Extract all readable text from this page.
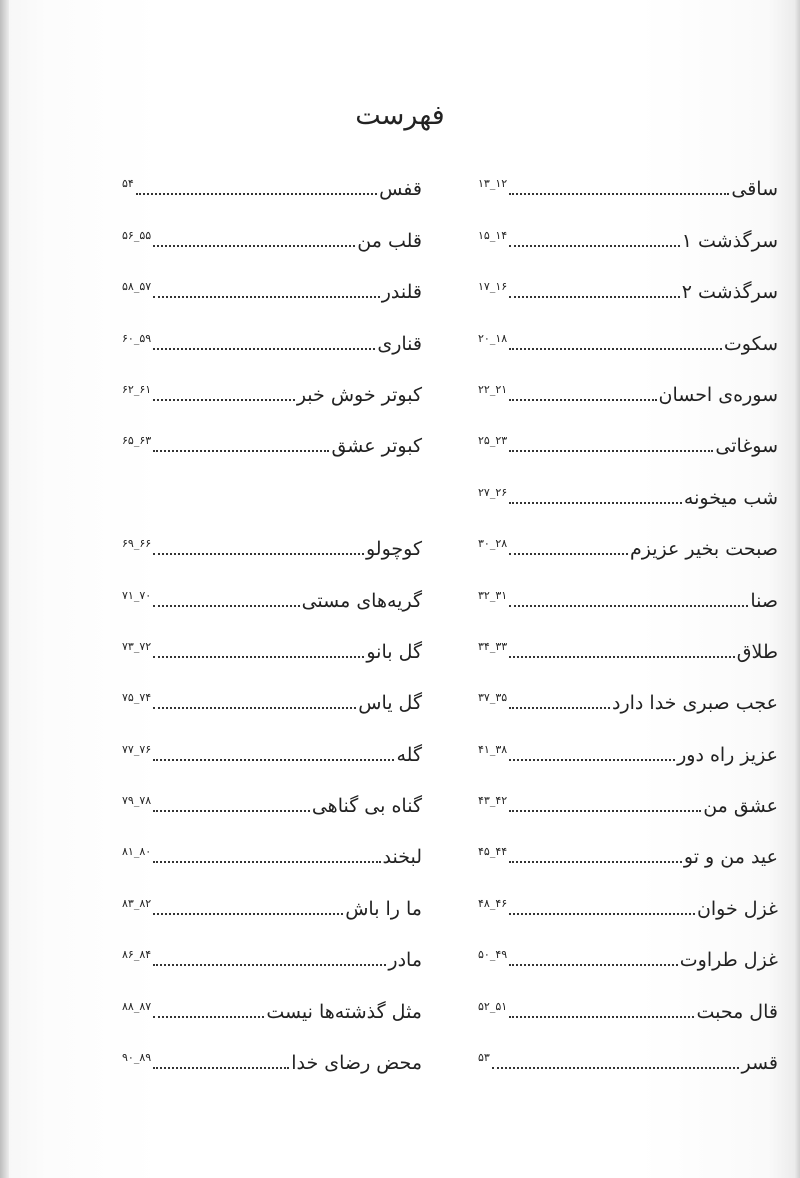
فهرست
ساقی
۱۲_۱۳
سرگذشت ۱
۱۴_۱۵
سرگذشت ۲
۱۶_۱۷
سکوت
۱۸_۲۰
سوره‌ی احسان
۲۱_۲۲
سوغاتی
۲۳_۲۵
شب میخونه
۲۶_۲۷
صبحت بخیر عزیزم
۲۸_۳۰
صنا
۳۱_۳۲
طلاق
۳۳_۳۴
عجب صبری خدا دارد
۳۵_۳۷
عزیز راه دور
۳۸_۴۱
عشق من
۴۲_۴۳
عید من و تو
۴۴_۴۵
غزل خوان
۴۶_۴۸
غزل طراوت
۴۹_۵۰
قال محبت
۵۱_۵۲
قسر
۵۳
قفس
۵۴
قلب من
۵۵_۵۶
قلندر
۵۷_۵۸
قناری
۵۹_۶۰
کبوتر خوش خبر
۶۱_۶۲
کبوتر عشق
۶۳_۶۵
کوچولو
۶۶_۶۹
گریه‌های مستی
۷۰_۷۱
گل بانو
۷۲_۷۳
گل یاس
۷۴_۷۵
گله
۷۶_۷۷
گناه بی گناهی
۷۸_۷۹
لبخند
۸۰_۸۱
ما را باش
۸۲_۸۳
مادر
۸۴_۸۶
مثل گذشته‌ها نیست
۸۷_۸۸
محض رضای خدا
۸۹_۹۰
